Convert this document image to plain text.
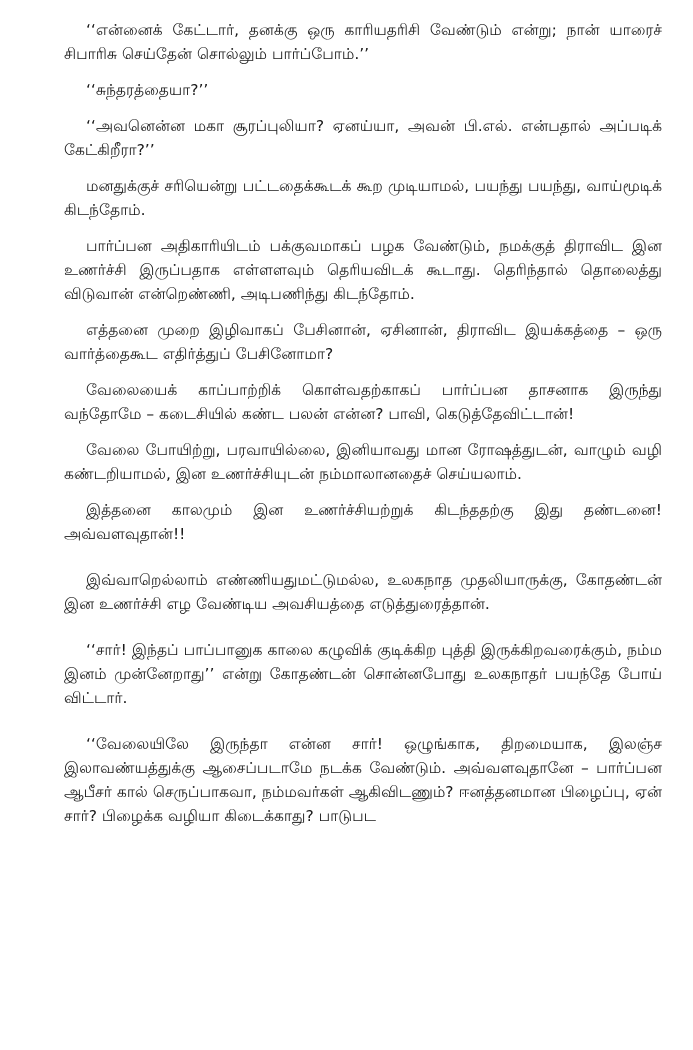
‘‘என்னைக் கேட்டார், தனக்கு ஒரு காரியதரிசி வேண்டும் என்று; நான் யாரைச் சிபாரிசு செய்தேன் சொல்லும் பார்ப்போம்.’’

‘‘சுந்தரத்தையா?’’

‘‘அவனென்ன மகா சூரப்புலியா? ஏனய்யா, அவன் பி.எல். என்பதால் அப்படிக் கேட்கிறீரா?’’

மனதுக்குச் சரியென்று பட்டதைக்கூடக் கூற முடியாமல், பயந்து பயந்து, வாய்மூடிக் கிடந்தோம்.

பார்ப்பன அதிகாரியிடம் பக்குவமாகப் பழக வேண்டும், நமக்குத் திராவிட இன உணர்ச்சி இருப்பதாக எள்ளளவும் தெரியவிடக் கூடாது. தெரிந்தால் தொலைத்து விடுவான் என்றெண்ணி, அடிபணிந்து கிடந்தோம்.

எத்தனை முறை இழிவாகப் பேசினான், ஏசினான், திராவிட இயக்கத்தை – ஒரு வார்த்தைகூட எதிர்த்துப் பேசினோமா?

வேலையைக் காப்பாற்றிக் கொள்வதற்காகப் பார்ப்பன தாசனாக இருந்து வந்தோமே – கடைசியில் கண்ட பலன் என்ன? பாவி, கெடுத்தேவிட்டான்!

வேலை போயிற்று, பரவாயில்லை, இனியாவது மான ரோஷத்துடன், வாழும் வழி கண்டறியாமல், இன உணர்ச்சியுடன் நம்மாலானதைச் செய்யலாம்.

இத்தனை காலமும் இன உணர்ச்சியற்றுக் கிடந்ததற்கு இது தண்டனை! அவ்வளவுதான்!!

இவ்வாறெல்லாம் எண்ணியதுமட்டுமல்ல, உலகநாத முதலியாருக்கு, கோதண்டன் இன உணர்ச்சி எழ வேண்டிய அவசியத்தை எடுத்துரைத்தான்.

‘‘சார்! இந்தப் பாப்பானுக காலை கழுவிக் குடிக்கிற புத்தி இருக்கிறவரைக்கும், நம்ம இனம் முன்னேறாது’’ என்று கோதண்டன் சொன்னபோது உலகநாதர் பயந்தே போய் விட்டார்.

‘‘வேலையிலே இருந்தா என்ன சார்! ஒழுங்காக, திறமையாக, இலஞ்ச இலாவண்யத்துக்கு ஆசைப்படாமே நடக்க வேண்டும். அவ்வளவுதானே – பார்ப்பன ஆபீசர் கால் செருப்பாகவா, நம்மவர்கள் ஆகிவிடணும்? ஈனத்தனமான பிழைப்பு, ஏன் சார்? பிழைக்க வழியா கிடைக்காது? பாடுபட
